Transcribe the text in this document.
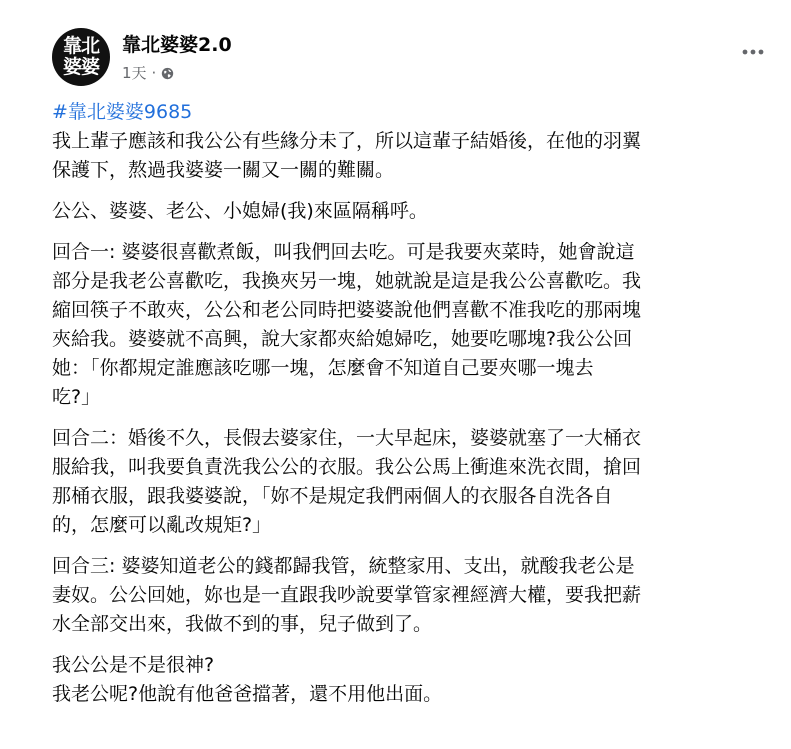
靠北
婆婆
靠北婆婆2.0
1天 ·
#靠北婆婆9685

我上輩子應該和我公公有些緣分未了，所以這輩子結婚後，在他的羽翼
保護下，熬過我婆婆一關又一關的難關。

公公、婆婆、老公、小媳婦(我)來區隔稱呼。

回合一: 婆婆很喜歡煮飯，叫我們回去吃。可是我要夾菜時，她會說這
部分是我老公喜歡吃，我換夾另一塊，她就說是這是我公公喜歡吃。我
縮回筷子不敢夾，公公和老公同時把婆婆說他們喜歡不准我吃的那兩塊
夾給我。婆婆就不高興，說大家都夾給媳婦吃，她要吃哪塊?我公公回
她：「你都規定誰應該吃哪一塊，怎麼會不知道自己要夾哪一塊去
吃?」

回合二：婚後不久，長假去婆家住，一大早起床，婆婆就塞了一大桶衣
服給我，叫我要負責洗我公公的衣服。我公公馬上衝進來洗衣間，搶回
那桶衣服，跟我婆婆說，「妳不是規定我們兩個人的衣服各自洗各自
的，怎麼可以亂改規矩?」

回合三: 婆婆知道老公的錢都歸我管，統整家用、支出，就酸我老公是
妻奴。公公回她，妳也是一直跟我吵說要掌管家裡經濟大權，要我把薪
水全部交出來，我做不到的事，兒子做到了。

我公公是不是很神?
我老公呢?他說有他爸爸擋著，還不用他出面。
